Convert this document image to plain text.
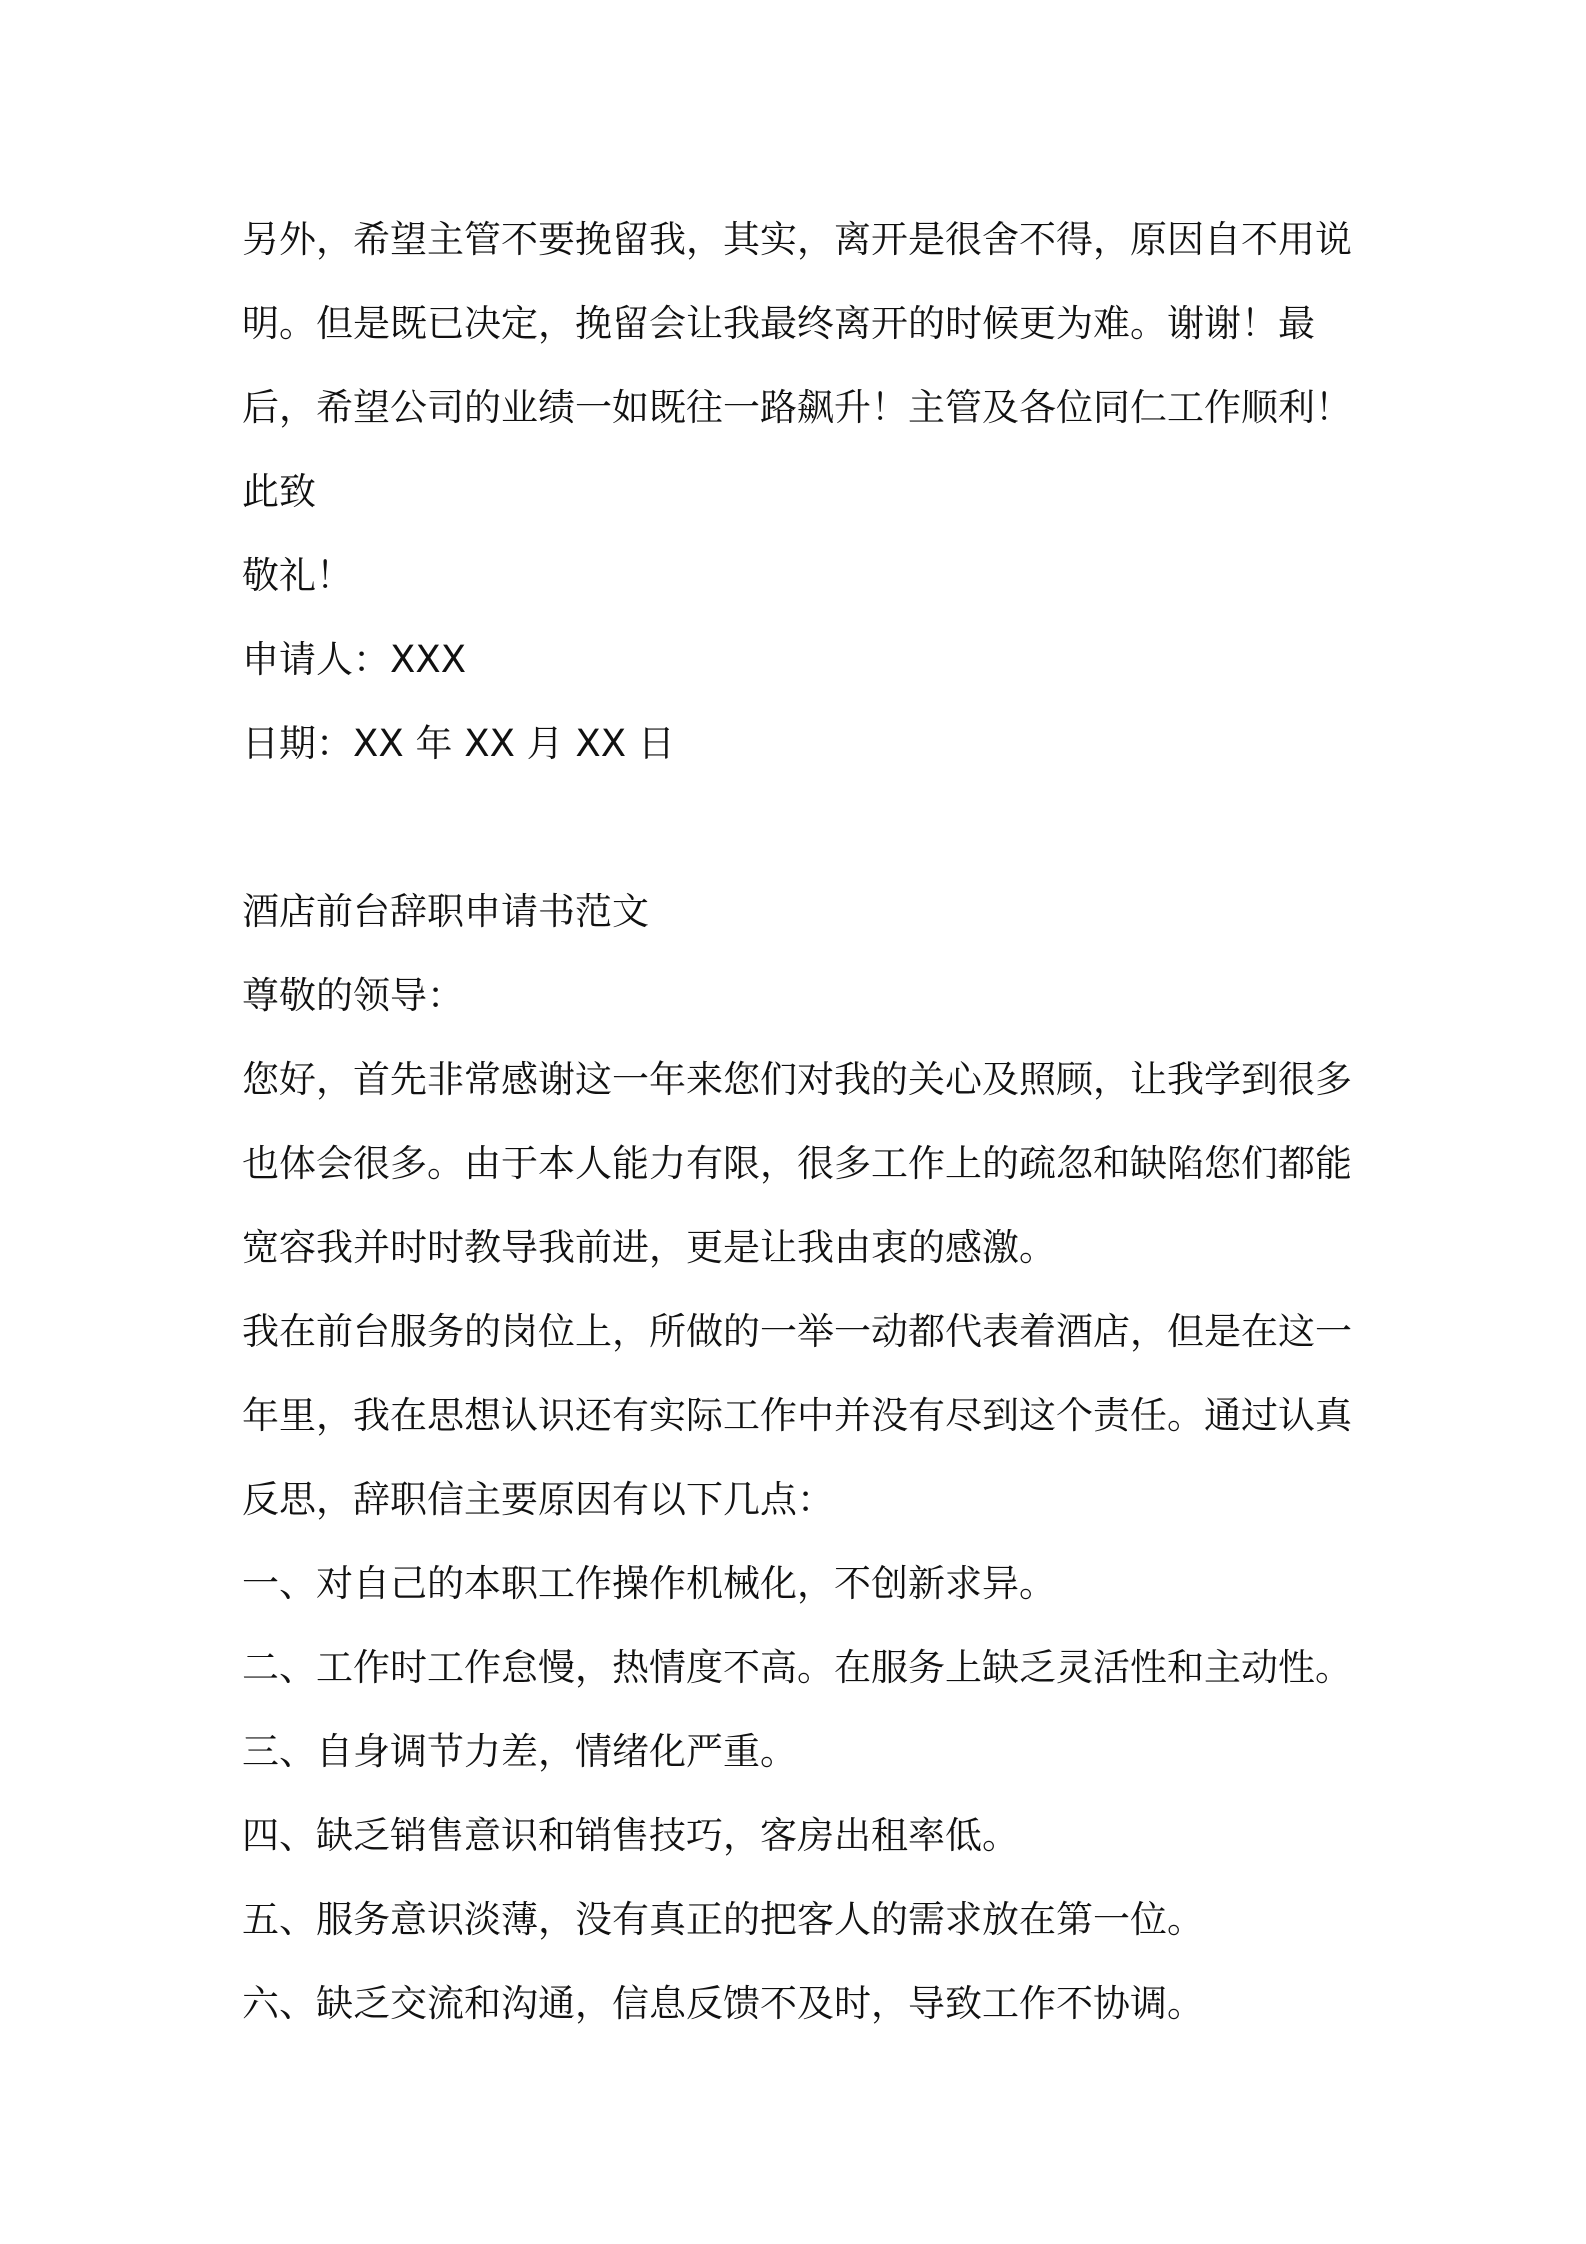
另外，希望主管不要挽留我，其实，离开是很舍不得，原因自不用说明。但是既已决定，挽留会让我最终离开的时候更为难。谢谢！最后，希望公司的业绩一如既往一路飙升！主管及各位同仁工作顺利！

此致

敬礼！

申请人：XXX

日期：XX 年 XX 月 XX 日

酒店前台辞职申请书范文

尊敬的领导：

您好，首先非常感谢这一年来您们对我的关心及照顾，让我学到很多也体会很多。由于本人能力有限，很多工作上的疏忽和缺陷您们都能宽容我并时时教导我前进，更是让我由衷的感激。

我在前台服务的岗位上，所做的一举一动都代表着酒店，但是在这一年里，我在思想认识还有实际工作中并没有尽到这个责任。通过认真反思，辞职信主要原因有以下几点：

一、对自己的本职工作操作机械化，不创新求异。

二、工作时工作怠慢，热情度不高。在服务上缺乏灵活性和主动性。

三、自身调节力差，情绪化严重。

四、缺乏销售意识和销售技巧，客房出租率低。

五、服务意识淡薄，没有真正的把客人的需求放在第一位。

六、缺乏交流和沟通，信息反馈不及时，导致工作不协调。
